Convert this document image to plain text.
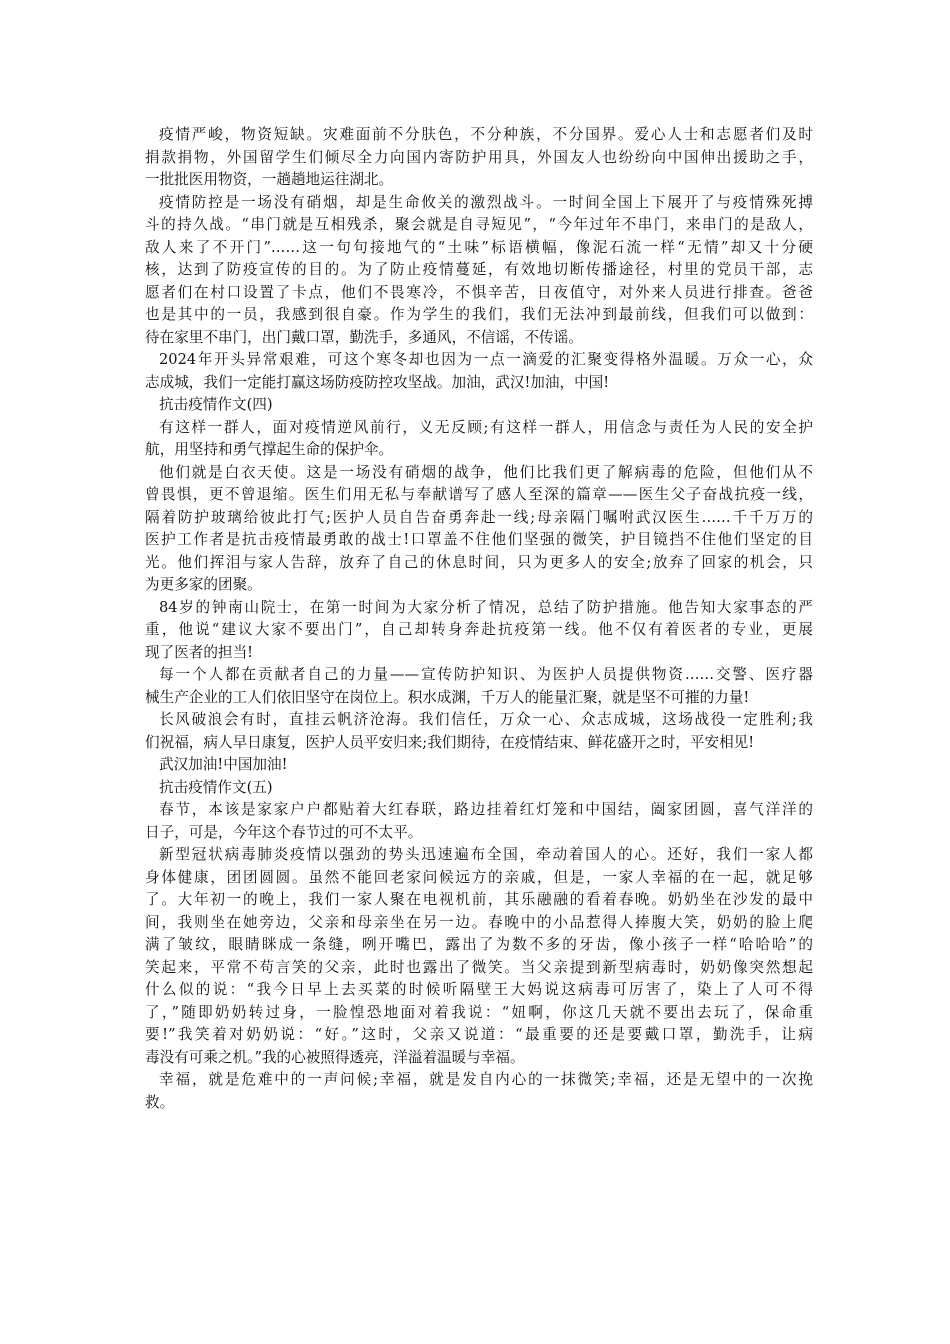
疫情严峻，物资短缺。灾难面前不分肤色，不分种族，不分国界。爱心人士和志愿者们及时
捐款捐物，外国留学生们倾尽全力向国内寄防护用具，外国友人也纷纷向中国伸出援助之手，
一批批医用物资，一趟趟地运往湖北。
疫情防控是一场没有硝烟，却是生命攸关的激烈战斗。一时间全国上下展开了与疫情殊死搏
斗的持久战。“串门就是互相残杀，聚会就是自寻短见”，“今年过年不串门，来串门的是敌人，
敌人来了不开门”……这一句句接地气的“土味”标语横幅，像泥石流一样“无情”却又十分硬
核，达到了防疫宣传的目的。为了防止疫情蔓延，有效地切断传播途径，村里的党员干部，志
愿者们在村口设置了卡点，他们不畏寒冷，不惧辛苦，日夜值守，对外来人员进行排查。爸爸
也是其中的一员，我感到很自豪。作为学生的我们，我们无法冲到最前线，但我们可以做到：
待在家里不串门，出门戴口罩，勤洗手，多通风，不信谣，不传谣。
2024年开头异常艰难，可这个寒冬却也因为一点一滴爱的汇聚变得格外温暖。万众一心，众
志成城，我们一定能打赢这场防疫防控攻坚战。加油，武汉!加油，中国!
抗击疫情作文(四)
有这样一群人，面对疫情逆风前行，义无反顾;有这样一群人，用信念与责任为人民的安全护
航，用坚持和勇气撑起生命的保护伞。
他们就是白衣天使。这是一场没有硝烟的战争，他们比我们更了解病毒的危险，但他们从不
曾畏惧，更不曾退缩。医生们用无私与奉献谱写了感人至深的篇章——医生父子奋战抗疫一线，
隔着防护玻璃给彼此打气;医护人员自告奋勇奔赴一线;母亲隔门嘱咐武汉医生……千千万万的
医护工作者是抗击疫情最勇敢的战士!口罩盖不住他们坚强的微笑，护目镜挡不住他们坚定的目
光。他们挥泪与家人告辞，放弃了自己的休息时间，只为更多人的安全;放弃了回家的机会，只
为更多家的团聚。
84岁的钟南山院士，在第一时间为大家分析了情况，总结了防护措施。他告知大家事态的严
重，他说“建议大家不要出门”，自己却转身奔赴抗疫第一线。他不仅有着医者的专业，更展
现了医者的担当!
每一个人都在贡献者自己的力量——宣传防护知识、为医护人员提供物资……交警、医疗器
械生产企业的工人们依旧坚守在岗位上。积水成渊，千万人的能量汇聚，就是坚不可摧的力量!
长风破浪会有时，直挂云帆济沧海。我们信任，万众一心、众志成城，这场战役一定胜利;我
们祝福，病人早日康复，医护人员平安归来;我们期待，在疫情结束、鲜花盛开之时，平安相见!
武汉加油!中国加油!
抗击疫情作文(五)
春节，本该是家家户户都贴着大红春联，路边挂着红灯笼和中国结，阖家团圆，喜气洋洋的
日子，可是，今年这个春节过的可不太平。
新型冠状病毒肺炎疫情以强劲的势头迅速遍布全国，牵动着国人的心。还好，我们一家人都
身体健康，团团圆圆。虽然不能回老家问候远方的亲戚，但是，一家人幸福的在一起，就足够
了。大年初一的晚上，我们一家人聚在电视机前，其乐融融的看着春晚。奶奶坐在沙发的最中
间，我则坐在她旁边，父亲和母亲坐在另一边。春晚中的小品惹得人捧腹大笑，奶奶的脸上爬
满了皱纹，眼睛眯成一条缝，咧开嘴巴，露出了为数不多的牙齿，像小孩子一样“哈哈哈”的
笑起来，平常不苟言笑的父亲，此时也露出了微笑。当父亲提到新型病毒时，奶奶像突然想起
什么似的说：“我今日早上去买菜的时候听隔壁王大妈说这病毒可厉害了，染上了人可不得
了，”随即奶奶转过身，一脸惶恐地面对着我说：“妞啊，你这几天就不要出去玩了，保命重
要!”我笑着对奶奶说：“好。”这时，父亲又说道：“最重要的还是要戴口罩，勤洗手，让病
毒没有可乘之机。”我的心被照得透亮，洋溢着温暖与幸福。
幸福，就是危难中的一声问候;幸福，就是发自内心的一抹微笑;幸福，还是无望中的一次挽
救。
